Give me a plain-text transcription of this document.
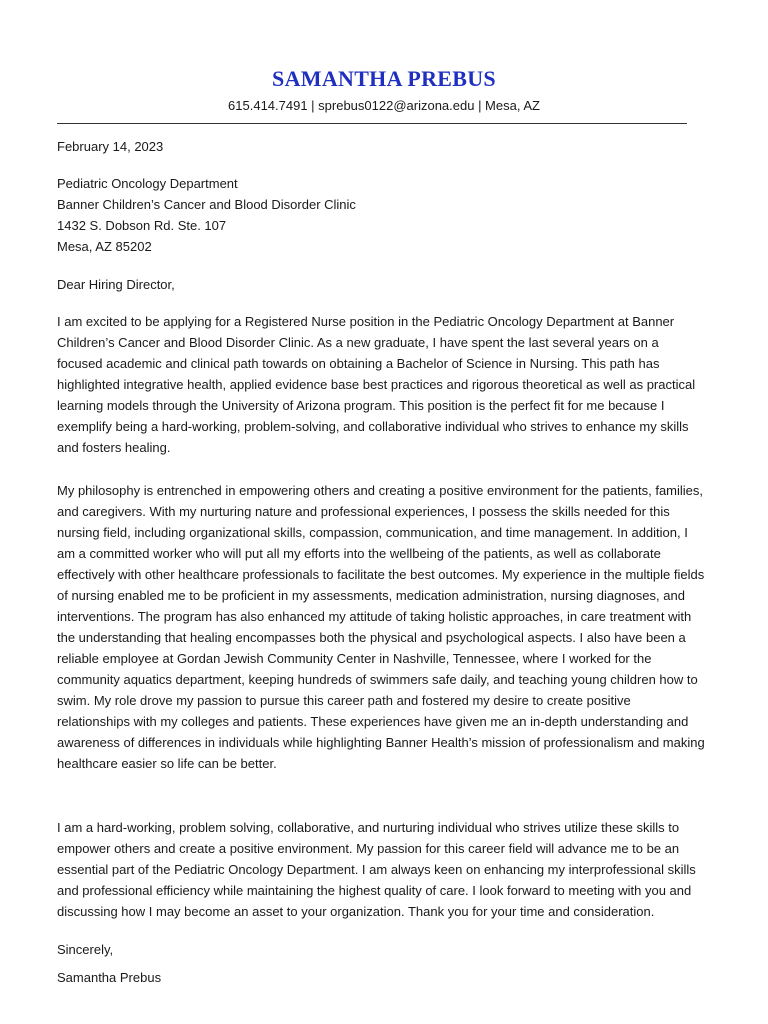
SAMANTHA PREBUS
615.414.7491 | sprebus0122@arizona.edu | Mesa, AZ
February 14, 2023
Pediatric Oncology Department
Banner Children’s Cancer and Blood Disorder Clinic
1432 S. Dobson Rd. Ste. 107
Mesa, AZ 85202
Dear Hiring Director,
I am excited to be applying for a Registered Nurse position in the Pediatric Oncology Department at Banner Children’s Cancer and Blood Disorder Clinic. As a new graduate, I have spent the last several years on a focused academic and clinical path towards on obtaining a Bachelor of Science in Nursing. This path has highlighted integrative health, applied evidence base best practices and rigorous theoretical as well as practical learning models through the University of Arizona program. This position is the perfect fit for me because I exemplify being a hard-working, problem-solving, and collaborative individual who strives to enhance my skills and fosters healing.
My philosophy is entrenched in empowering others and creating a positive environment for the patients, families, and caregivers. With my nurturing nature and professional experiences, I possess the skills needed for this nursing field, including organizational skills, compassion, communication, and time management. In addition, I am a committed worker who will put all my efforts into the wellbeing of the patients, as well as collaborate effectively with other healthcare professionals to facilitate the best outcomes. My experience in the multiple fields of nursing enabled me to be proficient in my assessments, medication administration, nursing diagnoses, and interventions. The program has also enhanced my attitude of taking holistic approaches, in care treatment with the understanding that healing encompasses both the physical and psychological aspects. I also have been a reliable employee at Gordan Jewish Community Center in Nashville, Tennessee, where I worked for the community aquatics department, keeping hundreds of swimmers safe daily, and teaching young children how to swim. My role drove my passion to pursue this career path and fostered my desire to create positive relationships with my colleges and patients. These experiences have given me an in-depth understanding and awareness of differences in individuals while highlighting Banner Health’s mission of professionalism and making healthcare easier so life can be better.
I am a hard-working, problem solving, collaborative, and nurturing individual who strives utilize these skills to empower others and create a positive environment. My passion for this career field will advance me to be an essential part of the Pediatric Oncology Department. I am always keen on enhancing my interprofessional skills and professional efficiency while maintaining the highest quality of care. I look forward to meeting with you and discussing how I may become an asset to your organization. Thank you for your time and consideration.
Sincerely,
Samantha Prebus
